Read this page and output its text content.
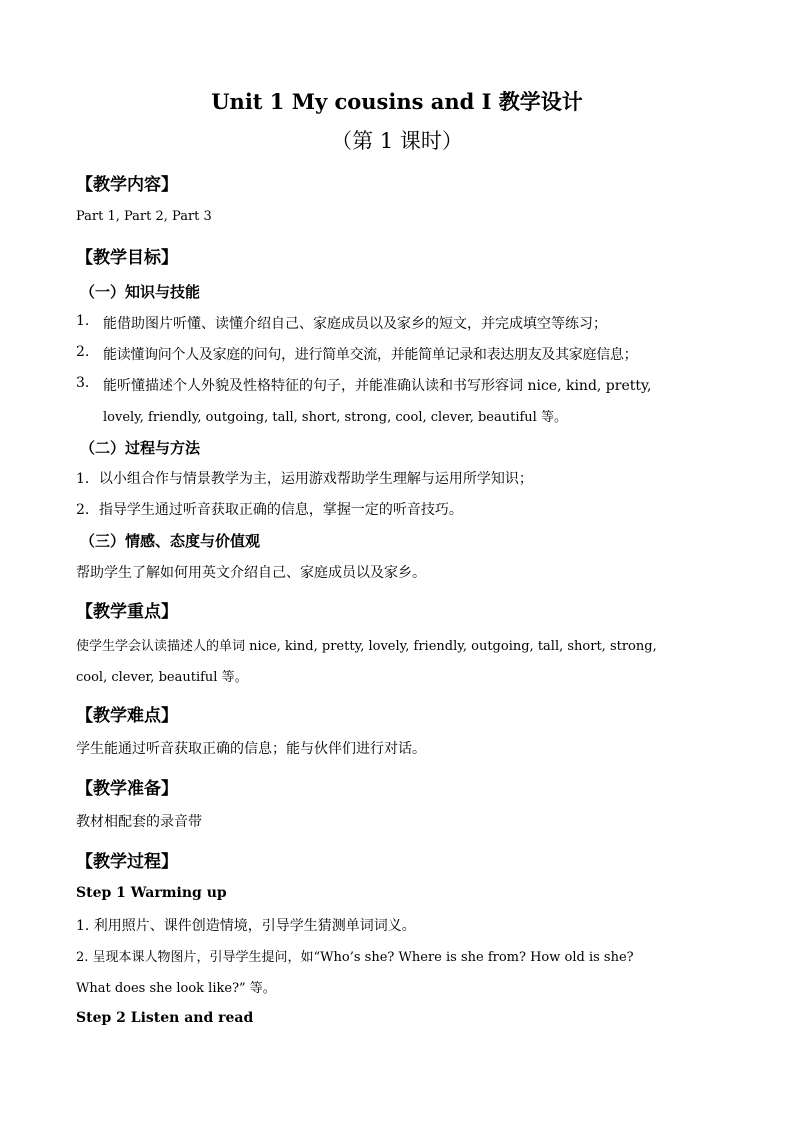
Unit 1 My cousins and I 教学设计
（第 1 课时）
【教学内容】
Part 1, Part 2, Part 3
【教学目标】
（一）知识与技能
1. 能借助图片听懂、读懂介绍自己、家庭成员以及家乡的短文，并完成填空等练习；
2. 能读懂询问个人及家庭的问句，进行简单交流，并能简单记录和表达朋友及其家庭信息；
3. 能听懂描述个人外貌及性格特征的句子，并能准确认读和书写形容词 nice, kind, pretty,
lovely, friendly, outgoing, tall, short, strong, cool, clever, beautiful 等。
（二）过程与方法
1．以小组合作与情景教学为主，运用游戏帮助学生理解与运用所学知识；
2．指导学生通过听音获取正确的信息，掌握一定的听音技巧。
（三）情感、态度与价值观
帮助学生了解如何用英文介绍自己、家庭成员以及家乡。
【教学重点】
使学生学会认读描述人的单词 nice, kind, pretty, lovely, friendly, outgoing, tall, short, strong,
cool, clever, beautiful 等。
【教学难点】
学生能通过听音获取正确的信息；能与伙伴们进行对话。
【教学准备】
教材相配套的录音带
【教学过程】
Step 1 Warming up
1. 利用照片、课件创造情境，引导学生猜测单词词义。
2. 呈现本课人物图片，引导学生提问，如“Who’s she? Where is she from? How old is she?
What does she look like?” 等。
Step 2 Listen and read
